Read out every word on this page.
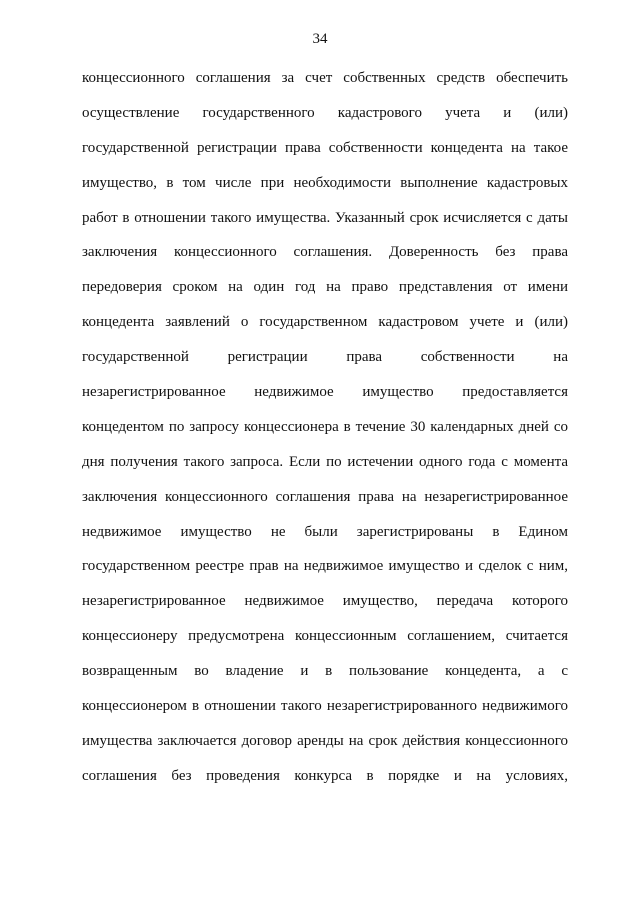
34
концессионного соглашения за счет собственных средств обеспечить
осуществление государственного кадастрового учета и (или)
государственной регистрации права собственности концедента на такое
имущество, в том числе при необходимости выполнение кадастровых
работ в отношении такого имущества. Указанный срок исчисляется с даты
заключения концессионного соглашения. Доверенность без права
передоверия сроком на один год на право представления от имени
концедента заявлений о государственном кадастровом учете и (или)
государственной регистрации права собственности на
незарегистрированное недвижимое имущество предоставляется
концедентом по запросу концессионера в течение 30 календарных дней со
дня получения такого запроса. Если по истечении одного года с момента
заключения концессионного соглашения права на незарегистрированное
недвижимое имущество не были зарегистрированы в Едином
государственном реестре прав на недвижимое имущество и сделок с ним,
незарегистрированное недвижимое имущество, передача которого
концессионеру предусмотрена концессионным соглашением, считается
возвращенным во владение и в пользование концедента, а с
концессионером в отношении такого незарегистрированного недвижимого
имущества заключается договор аренды на срок действия концессионного
соглашения без проведения конкурса в порядке и на условиях,
